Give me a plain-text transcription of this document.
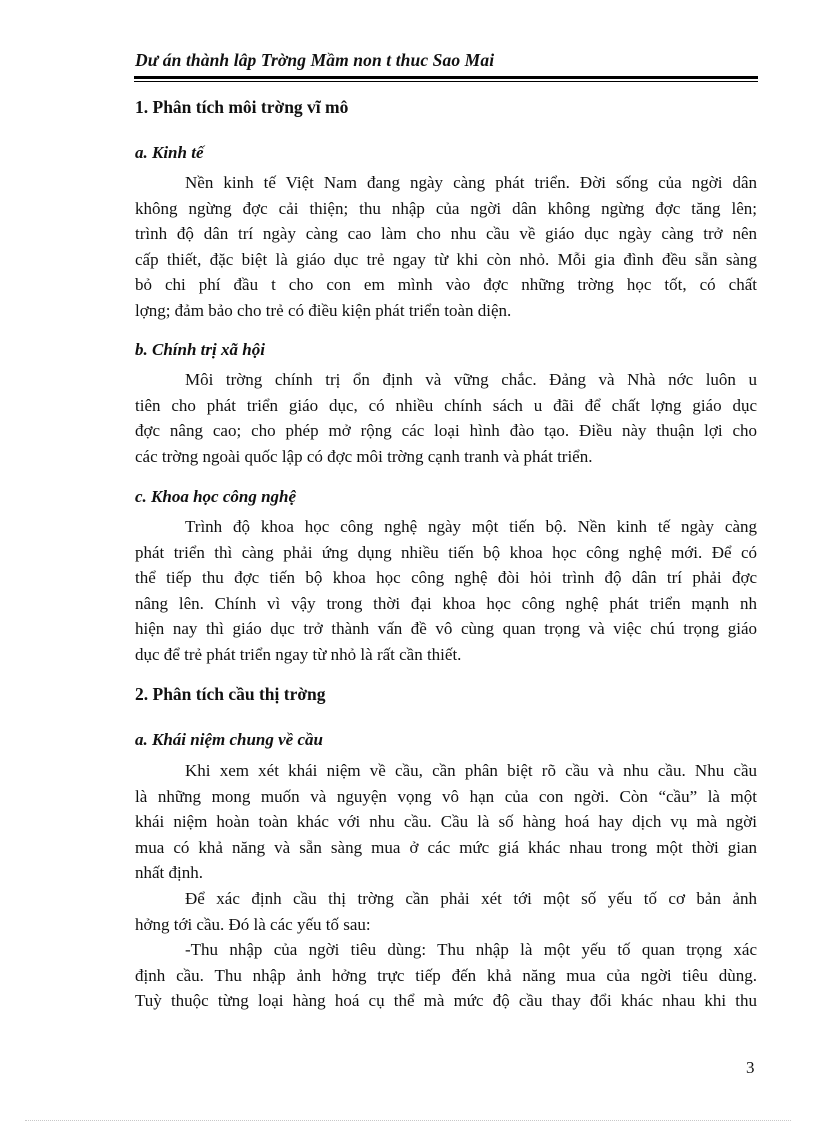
Dư án thành lâp Trờng Mầm non t thuc Sao Mai
1. Phân tích môi trờng vĩ mô
a. Kinh tế
Nền kinh tế Việt Nam đang ngày càng phát triển. Đời sống của ngời dân
không ngừng đợc cải thiện; thu nhập của ngời dân không ngừng đợc tăng lên;
trình độ dân trí ngày càng cao làm cho nhu cầu về giáo dục ngày càng trở nên
cấp thiết, đặc biệt là giáo dục trẻ ngay từ khi còn nhỏ. Mỗi gia đình đều sẵn sàng
bỏ chi phí đầu t cho con em mình vào đợc những trờng học tốt, có chất
lợng; đảm bảo cho trẻ có điều kiện phát triển toàn diện.
b. Chính trị xã hội
Môi trờng chính trị ổn định và vững chắc. Đảng và Nhà nớc luôn u
tiên cho phát triển giáo dục, có nhiều chính sách u đãi để chất lợng giáo dục
đợc nâng cao; cho phép mở rộng các loại hình đào tạo. Điều này thuận lợi cho
các trờng ngoài quốc lập có đợc môi trờng cạnh tranh và phát triển.
c. Khoa học công nghệ
Trình độ khoa học công nghệ ngày một tiến bộ. Nền kinh tế ngày càng
phát triển thì càng phải ứng dụng nhiều tiến bộ khoa học công nghệ mới. Để có
thể tiếp thu đợc tiến bộ khoa học công nghệ đòi hỏi trình độ dân trí phải đợc
nâng lên. Chính vì vậy trong thời đại khoa học công nghệ phát triển mạnh nh
hiện nay thì giáo dục trở thành vấn đề vô cùng quan trọng và việc chú trọng giáo
dục để trẻ phát triển ngay từ nhỏ là rất cần thiết.
2. Phân tích cầu thị trờng
a. Khái niệm chung về cầu
Khi xem xét khái niệm về cầu, cần phân biệt rõ cầu và nhu cầu. Nhu cầu
là những mong muốn và nguyện vọng vô hạn của con ngời. Còn “cầu” là một
khái niệm hoàn toàn khác với nhu cầu. Cầu là số hàng hoá hay dịch vụ mà ngời
mua có khả năng và sẵn sàng mua ở các mức giá khác nhau trong một thời gian
nhất định.
Để xác định cầu thị trờng cần phải xét tới một số yếu tố cơ bản ảnh
hởng tới cầu. Đó là các yếu tố sau:
-Thu nhập của ngời tiêu dùng: Thu nhập là một yếu tố quan trọng xác
định cầu. Thu nhập ảnh hởng trực tiếp đến khả năng mua của ngời tiêu dùng.
Tuỳ thuộc từng loại hàng hoá cụ thể mà mức độ cầu thay đổi khác nhau khi thu
3
